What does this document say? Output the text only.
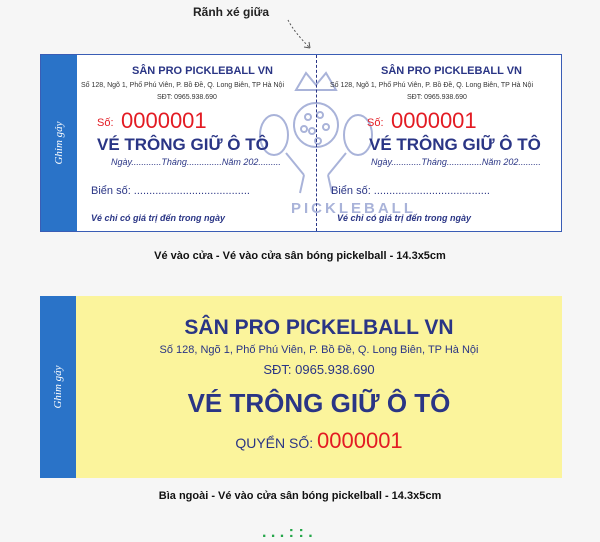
Rãnh xé giữa
Ghim gáy
PICKLEBALL
SÂN PRO PICKLEBALL VN
Số 128, Ngõ 1, Phố Phú Viên, P. Bồ Đề, Q. Long Biên, TP Hà Nội
SĐT: 0965.938.690
Số: 0000001
VÉ TRÔNG GIỮ Ô TÔ
Ngày............Tháng..............Năm 202.........
Biển số: ......................................
Vé chỉ có giá trị đến trong ngày
SÂN PRO PICKLEBALL VN
Số 128, Ngõ 1, Phố Phú Viên, P. Bồ Đề, Q. Long Biên, TP Hà Nội
SĐT: 0965.938.690
Số: 0000001
VÉ TRÔNG GIỮ Ô TÔ
Ngày............Tháng..............Năm 202.........
Biển số: ......................................
Vé chỉ có giá trị đến trong ngày
Vé vào cửa - Vé vào cửa sân bóng pickelball - 14.3x5cm
Ghim gáy
SÂN PRO PICKELBALL VN
Số 128, Ngõ 1, Phố Phú Viên, P. Bồ Đề, Q. Long Biên, TP Hà Nội
SĐT: 0965.938.690
VÉ TRÔNG GIỮ Ô TÔ
QUYỂN SỐ: 0000001
Bìa ngoài - Vé vào cửa sân bóng pickelball - 14.3x5cm
. . . : : .
